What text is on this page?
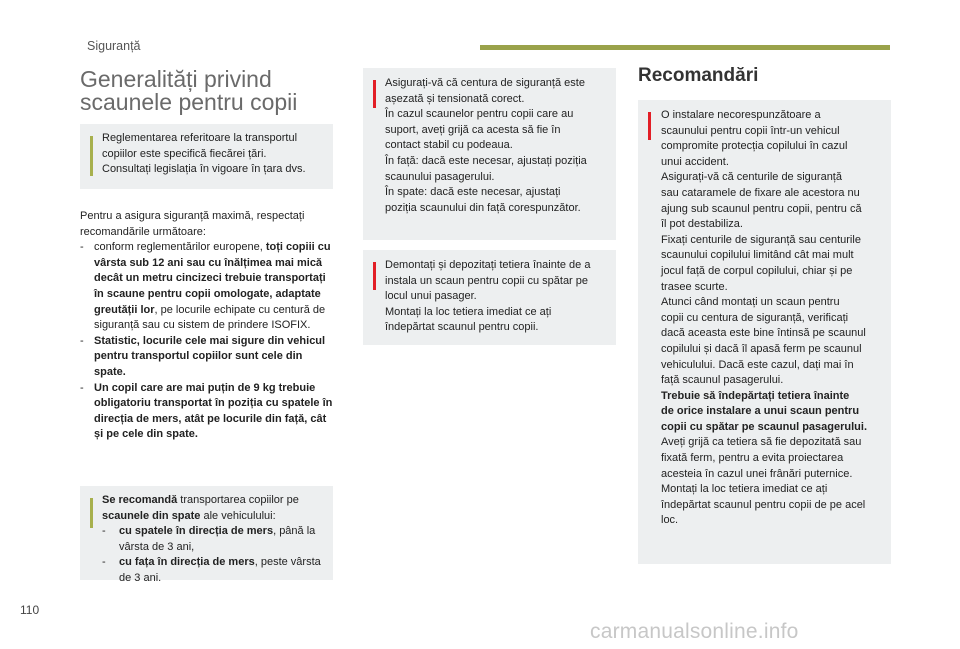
Siguranță
Generalități privind
scaunele pentru copii

Reglementarea referitoare la transportul

copiilor este specifică fiecărei țări.

Consultați legislația în vigoare în țara dvs.

Pentru a asigura siguranță maximă, respectați

recomandările următoare:

- conform reglementărilor europene, toți copiii cu vârsta sub 12 ani sau cu înălțimea mai mică decât un metru cincizeci trebuie transportați în scaune pentru copii omologate, adaptate greutății lor, pe locurile echipate cu centură de siguranță sau cu sistem de prindere ISOFIX.
- Statistic, locurile cele mai sigure din vehicul pentru transportul copiilor sunt cele din spate.
- Un copil care are mai puțin de 9 kg trebuie obligatoriu transportat în poziția cu spatele în direcția de mers, atât pe locurile din față, cât și pe cele din spate.

Se recomandă transportarea copiilor pe scaunele din spate ale vehiculului:

- cu spatele în direcția de mers, până la vârsta de 3 ani,
- cu fața în direcția de mers, peste vârsta de 3 ani.

Asigurați-vă că centura de siguranță este

așezată și tensionată corect.

În cazul scaunelor pentru copii care au

suport, aveți grijă ca acesta să fie în

contact stabil cu podeaua.

În față: dacă este necesar, ajustați poziția

scaunului pasagerului.

În spate: dacă este necesar, ajustați

poziția scaunului din față corespunzător.

Demontați și depozitați tetiera înainte de a

instala un scaun pentru copii cu spătar pe

locul unui pasager.

Montați la loc tetiera imediat ce ați

îndepărtat scaunul pentru copii.

Recomandări

O instalare necorespunzătoare a

scaunului pentru copii într-un vehicul

compromite protecția copilului în cazul

unui accident.

Asigurați-vă că centurile de siguranță

sau cataramele de fixare ale acestora nu

ajung sub scaunul pentru copii, pentru că

îl pot destabiliza.

Fixați centurile de siguranță sau centurile

scaunului copilului limitând cât mai mult

jocul față de corpul copilului, chiar și pe

trasee scurte.

Atunci când montați un scaun pentru

copii cu centura de siguranță, verificați

dacă aceasta este bine întinsă pe scaunul

copilului și dacă îl apasă ferm pe scaunul

vehiculului. Dacă este cazul, dați mai în

față scaunul pasagerului.

Trebuie să îndepărtați tetiera înainte

de orice instalare a unui scaun pentru

copii cu spătar pe scaunul pasagerului.

Aveți grijă ca tetiera să fie depozitată sau

fixată ferm, pentru a evita proiectarea

acesteia în cazul unei frânări puternice.

Montați la loc tetiera imediat ce ați

îndepărtat scaunul pentru copii de pe acel

loc.

110
carmanualsonline.info
